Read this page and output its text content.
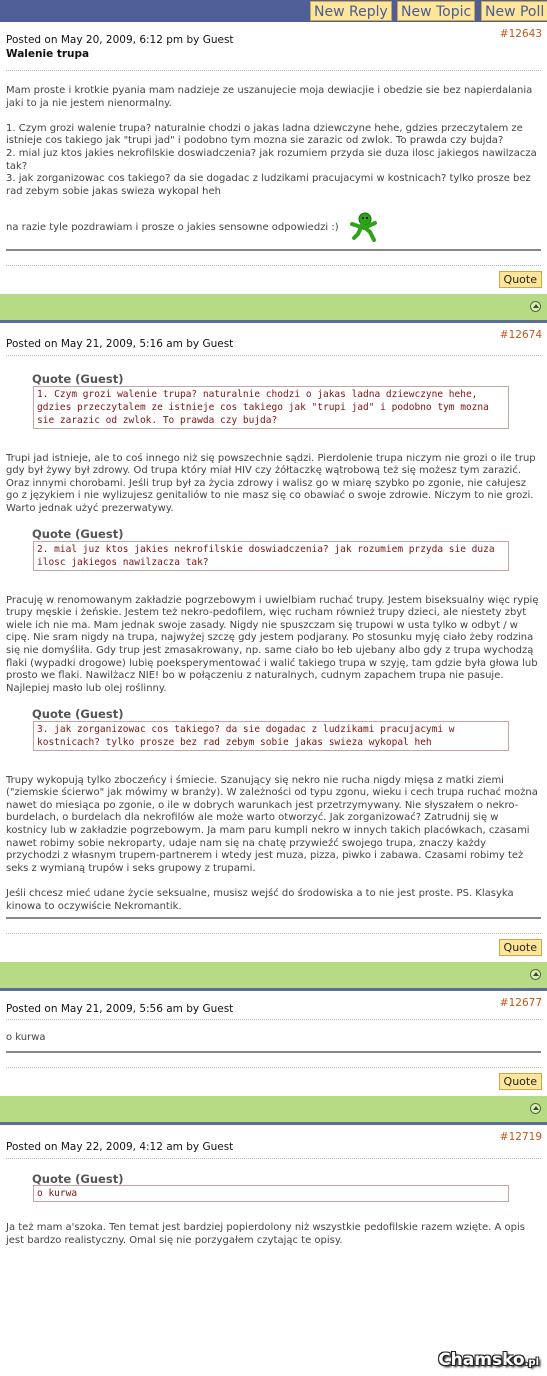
New Reply New Topic New Poll
Posted on May 20, 2009, 6:12 pm by Guest	#12643
Walenie trupa

Mam proste i krotkie pyania mam nadzieje ze uszanujecie moja dewiacjie i obedzie sie bez napierdalania jaki to ja nie jestem nienormalny.

1. Czym grozi walenie trupa? naturalnie chodzi o jakas ladna dziewczyne hehe, gdzies przeczytalem ze istnieje cos takiego jak "trupi jad" i podobno tym mozna sie zarazic od zwlok. To prawda czy bujda?
2. mial juz ktos jakies nekrofilskie doswiadczenia? jak rozumiem przyda sie duza ilosc jakiegos nawilzacza tak?
3. jak zorganizowac cos takiego? da sie dogadac z ludzikami pracujacymi w kostnicach? tylko prosze bez rad zebym sobie jakas swieza wykopal heh

na razie tyle pozdrawiam i prosze o jakies sensowne odpowiedzi :)
Quote
Posted on May 21, 2009, 5:16 am by Guest
#12674
Quote (Guest)
1. Czym grozi walenie trupa? naturalnie chodzi o jakas ladna dziewczyne hehe, gdzies przeczytalem ze istnieje cos takiego jak "trupi jad" i podobno tym mozna sie zarazic od zwlok. To prawda czy bujda?

Trupi jad istnieje, ale to coś innego niż się powszechnie sądzi. Pierdolenie trupa niczym nie grozi o ile trup gdy był żywy był zdrowy. Od trupa który miał HIV czy żółtaczkę wątrobową też się możesz tym zarazić. Oraz innymi chorobami. Jeśli trup był za życia zdrowy i walisz go w miarę szybko po zgonie, nie całujesz go z językiem i nie wylizujesz genitaliów to nie masz się co obawiać o swoje zdrowie. Niczym to nie grozi. Warto jednak użyć prezerwatywy.

Quote (Guest)
2. mial juz ktos jakies nekrofilskie doswiadczenia? jak rozumiem przyda sie duza ilosc jakiegos nawilzacza tak?

Pracuję w renomowanym zakładzie pogrzebowym i uwielbiam ruchać trupy. Jestem biseksualny więc rypię trupy męskie i żeńskie. Jestem też nekro-pedofilem, więc rucham również trupy dzieci, ale niestety zbyt wiele ich nie ma. Mam jednak swoje zasady. Nigdy nie spuszczam się trupowi w usta tylko w odbyt / w cipę. Nie sram nigdy na trupa, najwyżej szczę gdy jestem podjarany. Po stosunku myję ciało żeby rodzina się nie domyśliła. Gdy trup jest zmasakrowany, np. same ciało bo łeb ujebany albo gdy z trupa wychodzą flaki (wypadki drogowe) lubię poeksperymentować i walić takiego trupa w szyję, tam gdzie była głowa lub prosto we flaki. Nawilżacz NIE! bo w połączeniu z naturalnych, cudnym zapachem trupa nie pasuje. Najlepiej masło lub olej roślinny.

Quote (Guest)
3. jak zorganizowac cos takiego? da sie dogadac z ludzikami pracujacymi w kostnicach? tylko prosze bez rad zebym sobie jakas swieza wykopal heh

Trupy wykopują tylko zboczeńcy i śmiecie. Szanujący się nekro nie rucha nigdy mięsa z matki ziemi ("ziemskie ścierwo" jak mówimy w branży). W zależności od typu zgonu, wieku i cech trupa ruchać można nawet do miesiąca po zgonie, o ile w dobrych warunkach jest przetrzymywany. Nie słyszałem o nekro-burdelach, o burdelach dla nekrofilów ale może warto otworzyć. Jak zorganizować? Zatrudnij się w kostnicy lub w zakładzie pogrzebowym. Ja mam paru kumpli nekro w innych takich placówkach, czasami nawet robimy sobie nekroparty, udaje nam się na chatę przywieźć swojego trupa, znaczy każdy przychodzi z własnym trupem-partnerem i wtedy jest muza, pizza, piwko i zabawa. Czasami robimy też seks z wymianą trupów i seks grupowy z trupami.

Jeśli chcesz mieć udane życie seksualne, musisz wejść do środowiska a to nie jest proste. PS. Klasyka kinowa to oczywiście Nekromantik.

Quote
Posted on May 21, 2009, 5:56 am by Guest	#12677
o kurwa
Quote
Posted on May 22, 2009, 4:12 am by Guest
#12719
Quote (Guest)
o kurwa

Ja też mam a'szoka. Ten temat jest bardziej popierdolony niż wszystkie pedofilskie razem wzięte. A opis jest bardzo realistyczny. Omal się nie porzygałem czytając te opisy.

Chamsko.pl
